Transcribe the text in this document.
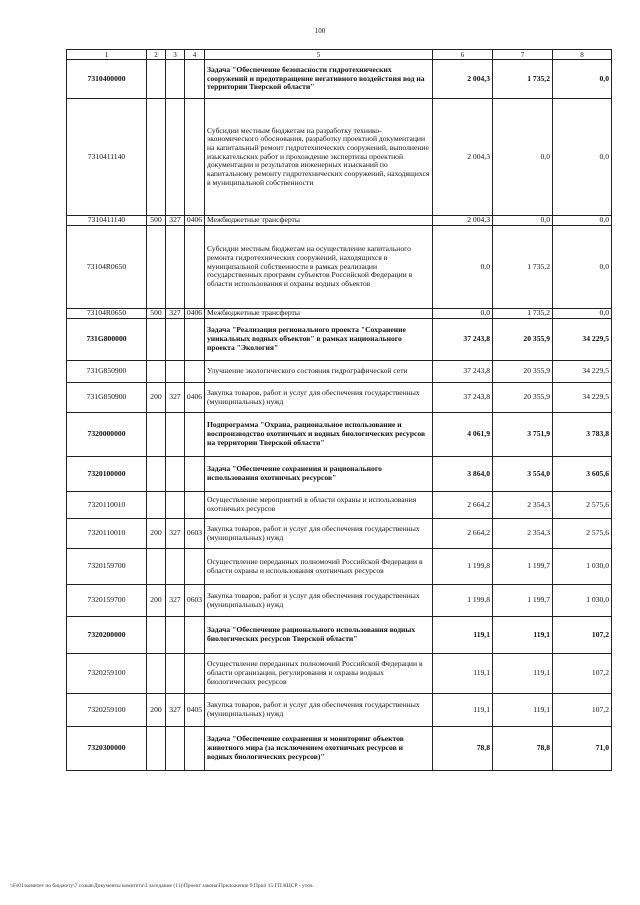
100
1	2	3	4	5	6	7	8
7310400000				Задача "Обеспечение безопасности гидротехнических сооружений и предотвращение негативного воздействия вод на территории Тверской области"	2 004,3	1 735,2	0,0
7310411140				Субсидии местным бюджетам на разработку технико-экономического обоснования, разработку проектной документации на капитальный ремонт гидротехнических сооружений, выполнение изыскательских работ и прохождение экспертизы проектной документации и результатов инженерных изысканий по капитальному ремонту гидротехнических сооружений, находящихся в муниципальной собственности	2 004,3	0,0	0,0
7310411140	500	327	0406	Межбюджетные трансферты	2 004,3	0,0	0,0
73104R0650				Субсидии местным бюджетам на осуществление капитального ремонта гидротехнических сооружений, находящихся в муниципальной собственности в рамках реализации государственных программ субъектов Российской Федерации в области использования и охраны водных объектов	0,0	1 735,2	0,0
73104R0650	500	327	0406	Межбюджетные трансферты	0,0	1 735,2	0,0
731G800000				Задача "Реализация регионального проекта "Сохранение уникальных водных объектов" в рамках национального проекта "Экология"	37 243,8	20 355,9	34 229,5
731G850900				Улучшение экологического состояния гидрографической сети	37 243,8	20 355,9	34 229,5
731G850900	200	327	0406	Закупка товаров, работ и услуг для обеспечения государственных (муниципальных) нужд	37 243,8	20 355,9	34 229,5
7320000000				Подпрограмма "Охрана, рациональное использование и воспроизводство охотничьих и водных биологических ресурсов на территории Тверской области"	4 061,9	3 751,9	3 783,8
7320100000				Задача "Обеспечение сохранения и рационального использования охотничьих ресурсов"	3 864,0	3 554,0	3 605,6
7320110010				Осуществление мероприятий в области охраны и использования охотничьих ресурсов	2 664,2	2 354,3	2 575,6
7320110010	200	327	0603	Закупка товаров, работ и услуг для обеспечения государственных (муниципальных) нужд	2 664,2	2 354,3	2 575,6
7320159700				Осуществление переданных полномочий Российской Федерации в области охраны и использования охотничьих ресурсов	1 199,8	1 199,7	1 030,0
7320159700	200	327	0603	Закупка товаров, работ и услуг для обеспечения государственных (муниципальных) нужд	1 199,8	1 199,7	1 030,0
7320200000				Задача "Обеспечение рационального использования водных биологических ресурсов Тверской области"	119,1	119,1	107,2
7320259100				Осуществление переданных полномочий Российской Федерации в области организации, регулирования и охраны водных биологических ресурсов	119,1	119,1	107,2
7320259100	200	327	0405	Закупка товаров, работ и услуг для обеспечения государственных (муниципальных) нужд	119,1	119,1	107,2
7320300000				Задача "Обеспечение сохранения и мониторинг объектов животного мира (за исключением охотничьих ресурсов и водных биологических ресурсов)"	78,8	78,8	71,0
\\Fs01\комитет по бюджету\7 созыв\Документы комитета\3 заседание (11)\Проект закона\Приложение 9 Прил 15 ГП КЦСР - уточ.
